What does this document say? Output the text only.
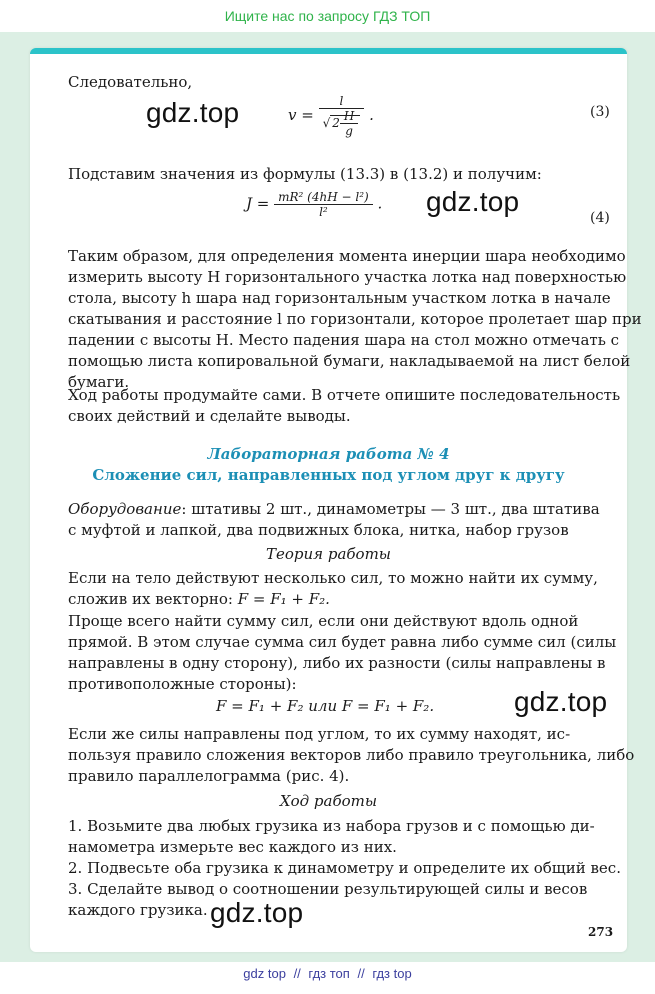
Ищите нас по запросу ГДЗ ТОП
Следовательно,
gdz.top	$v = \frac{l}{√ 2 \frac{H}{g}}$ .	(3)
Подставим значения из формулы (13.3) в (13.2) и получим:
$J = \frac{\text{mR² (4hH − l²)}}{\text{l²}}$ . gdz.top
(4)
Таким образом, для определения момента инерции шара необходимо
измерить высоту H горизонтального участка лотка над поверхностью
стола, высоту h шара над горизонтальным участком лотка в начале
скатывания и расстояние l по горизонтали, которое пролетает шар при
падении с высоты H. Место падения шара на стол можно отмечать с
помощью листа копировальной бумаги, накладываемой на лист белой
бумаги.
Ход работы продумайте сами. В отчете опишите последовательность
своих действий и сделайте выводы.
Лабораторная работа № 4
Сложение сил, направленных под углом друг к другу
Оборудование: штативы 2 шт., динамометры — 3 шт., два штатива
с муфтой и лапкой, два подвижных блока, нитка, набор грузов
Теория работы
Если на тело действуют несколько сил, то можно найти их сумму,
сложив их векторно: F = F₁ + F₂.
Проще всего найти сумму сил, если они действуют вдоль одной
прямой. В этом случае сумма сил будет равна либо сумме сил (силы
направлены в одну сторону), либо их разности (силы направлены в
противоположные стороны):
F = F₁ + F₂ или F = F₁ + F₂.	gdz.top
Если же силы направлены под углом, то их сумму находят, ис-
пользуя правило сложения векторов либо правило треугольника, либо
правило параллелограмма (рис. 4).
Ход работы
1. Возьмите два любых грузика из набора грузов и с помощью ди-
намометра измерьте вес каждого из них.
2. Подвесьте оба грузика к динамометру и определите их общий вес.
3. Сделайте вывод о соотношении результирующей силы и весов
каждого грузика. gdz.top
273
gdz top // гдз топ // гдз top
